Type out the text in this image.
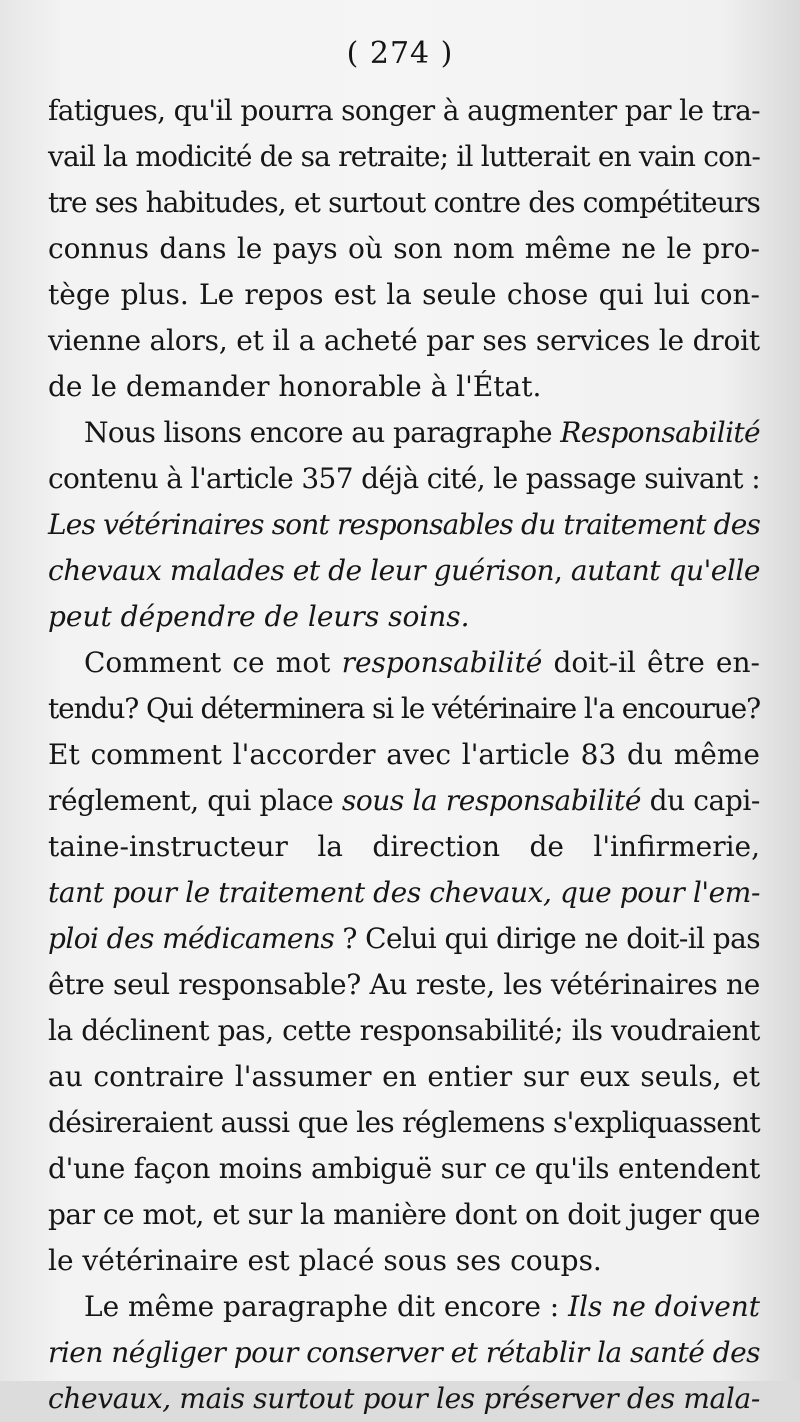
( 274 )
fatigues, qu'il pourra songer à augmenter par le tra-
vail la modicité de sa retraite; il lutterait en vain con-
tre ses habitudes, et surtout contre des compétiteurs
connus dans le pays où son nom même ne le pro-
tège plus. Le repos est la seule chose qui lui con-
vienne alors, et il a acheté par ses services le droit
de le demander honorable à l'État.
Nous lisons encore au paragraphe Responsabilité
contenu à l'article 357 déjà cité, le passage suivant :
Les vétérinaires sont responsables du traitement des
chevaux malades et de leur guérison, autant qu'elle
peut dépendre de leurs soins.
Comment ce mot responsabilité doit-il être en-
tendu? Qui déterminera si le vétérinaire l'a encourue?
Et comment l'accorder avec l'article 83 du même
réglement, qui place sous la responsabilité du capi-
taine-instructeur la direction de l'infirmerie,
tant pour le traitement des chevaux, que pour l'em-
ploi des médicamens ? Celui qui dirige ne doit-il pas
être seul responsable? Au reste, les vétérinaires ne
la déclinent pas, cette responsabilité; ils voudraient
au contraire l'assumer en entier sur eux seuls, et
désireraient aussi que les réglemens s'expliquassent
d'une façon moins ambiguë sur ce qu'ils entendent
par ce mot, et sur la manière dont on doit juger que
le vétérinaire est placé sous ses coups.
Le même paragraphe dit encore : Ils ne doivent
rien négliger pour conserver et rétablir la santé des
chevaux, mais surtout pour les préserver des mala-
